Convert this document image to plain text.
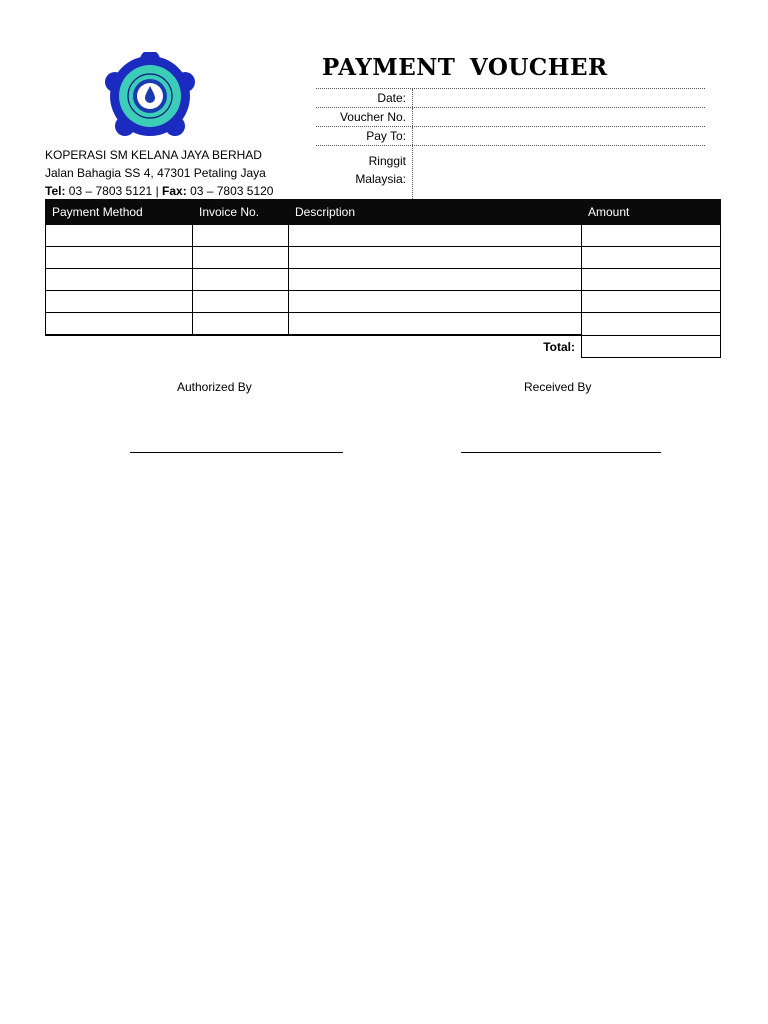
KOPERASI SM KELANA JAYA BERHAD
Jalan Bahagia SS 4, 47301 Petaling Jaya
Tel: 03 – 7803 5121 | Fax: 03 – 7803 5120
PAYMENT VOUCHER
Date:
Voucher No.
Pay To:
Ringgit
Malaysia:
Payment Method	Invoice No.	Description	Amount

		Total:	
Authorized By	Received By
